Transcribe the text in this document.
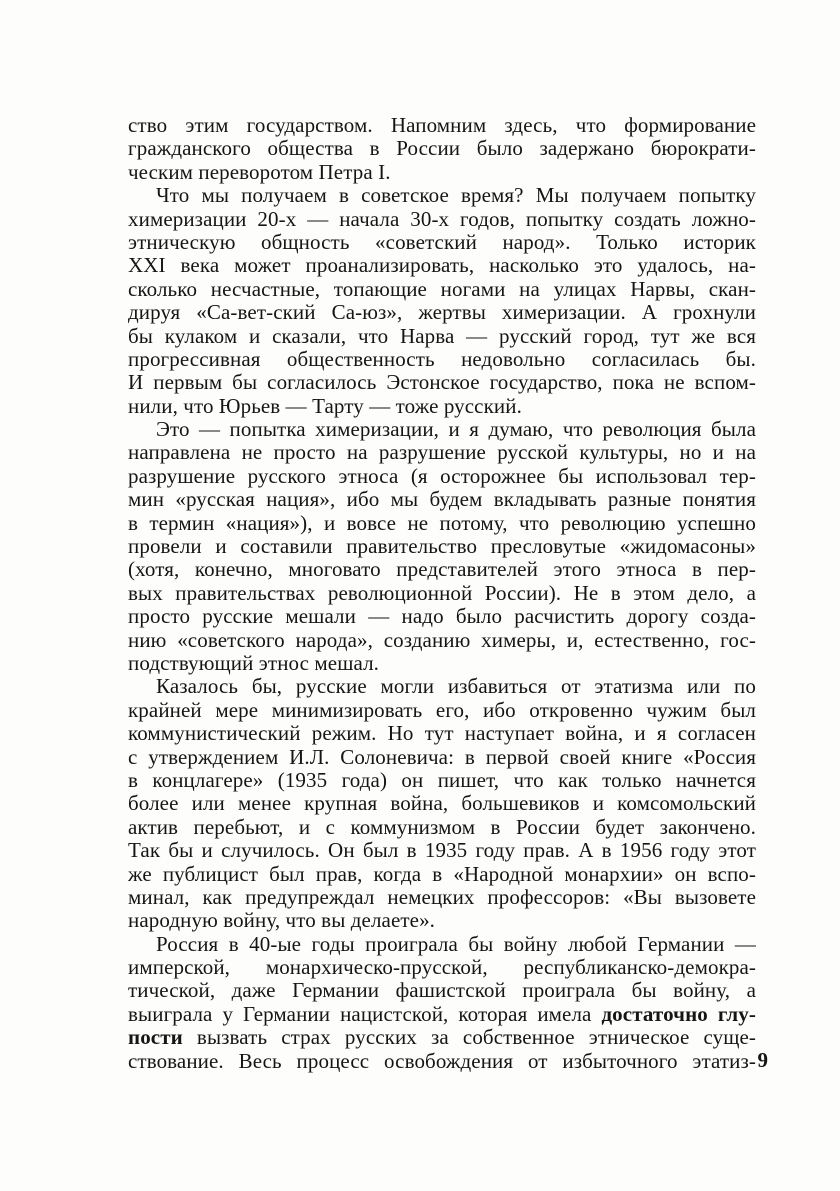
ство этим государством. Напомним здесь, что формирование
гражданского общества в России было задержано бюрократи-
ческим переворотом Петра I.
Что мы получаем в советское время? Мы получаем попытку
химеризации 20-х — начала 30-х годов, попытку создать ложно-
этническую общность «советский народ». Только историк
XXI века может проанализировать, насколько это удалось, на-
сколько несчастные, топающие ногами на улицах Нарвы, скан-
дируя «Са-вет-ский Са-юз», жертвы химеризации. А грохнули
бы кулаком и сказали, что Нарва — русский город, тут же вся
прогрессивная общественность недовольно согласилась бы.
И первым бы согласилось Эстонское государство, пока не вспом-
нили, что Юрьев — Тарту — тоже русский.
Это — попытка химеризации, и я думаю, что революция была
направлена не просто на разрушение русской культуры, но и на
разрушение русского этноса (я осторожнее бы использовал тер-
мин «русская нация», ибо мы будем вкладывать разные понятия
в термин «нация»), и вовсе не потому, что революцию успешно
провели и составили правительство пресловутые «жидомасоны»
(хотя, конечно, многовато представителей этого этноса в пер-
вых правительствах революционной России). Не в этом дело, а
просто русские мешали — надо было расчистить дорогу созда-
нию «советского народа», созданию химеры, и, естественно, гос-
подствующий этнос мешал.
Казалось бы, русские могли избавиться от этатизма или по
крайней мере минимизировать его, ибо откровенно чужим был
коммунистический режим. Но тут наступает война, и я согласен
с утверждением И.Л. Солоневича: в первой своей книге «Россия
в концлагере» (1935 года) он пишет, что как только начнется
более или менее крупная война, большевиков и комсомольский
актив перебьют, и с коммунизмом в России будет закончено.
Так бы и случилось. Он был в 1935 году прав. А в 1956 году этот
же публицист был прав, когда в «Народной монархии» он вспо-
минал, как предупреждал немецких профессоров: «Вы вызовете
народную войну, что вы делаете».
Россия в 40-ые годы проиграла бы войну любой Германии —
имперской, монархическо-прусской, республиканско-демокра-
тической, даже Германии фашистской проиграла бы войну, а
выиграла у Германии нацистской, которая имела достаточно глу-
пости вызвать страх русских за собственное этническое суще-
ствование. Весь процесс освобождения от избыточного этатиз- 9
